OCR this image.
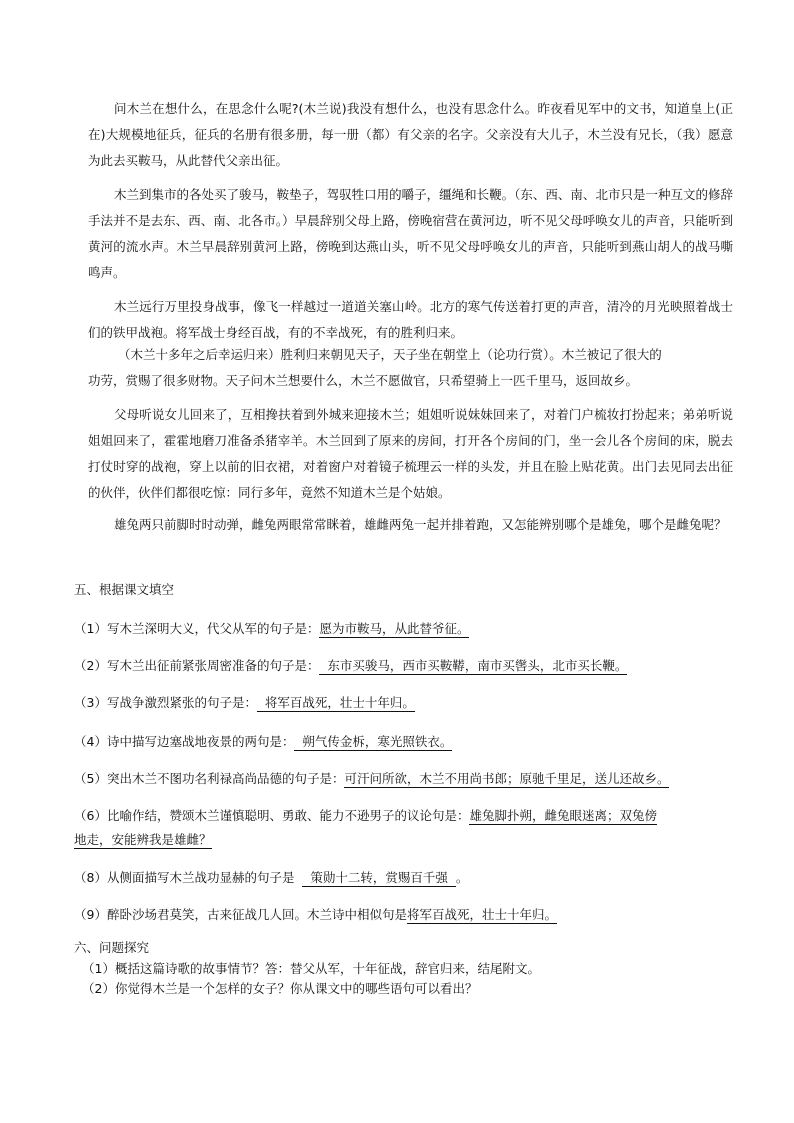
问木兰在想什么，在思念什么呢?(木兰说)我没有想什么，也没有思念什么。昨夜看见军中的文书，知道皇上(正在)大规模地征兵，征兵的名册有很多册，每一册（都）有父亲的名字。父亲没有大儿子，木兰没有兄长，（我）愿意为此去买鞍马，从此替代父亲出征。
木兰到集市的各处买了骏马，鞍垫子，驾驭牲口用的嚼子，缰绳和长鞭。（东、西、南、北市只是一种互文的修辞手法并不是去东、西、南、北各市。）早晨辞别父母上路，傍晚宿营在黄河边，听不见父母呼唤女儿的声音，只能听到黄河的流水声。木兰早晨辞别黄河上路，傍晚到达燕山头，听不见父母呼唤女儿的声音，只能听到燕山胡人的战马嘶鸣声。
木兰远行万里投身战事，像飞一样越过一道道关塞山岭。北方的寒气传送着打更的声音，清冷的月光映照着战士们的铁甲战袍。将军战士身经百战，有的不幸战死，有的胜利归来。
（木兰十多年之后幸运归来）胜利归来朝见天子，天子坐在朝堂上（论功行赏）。木兰被记了很大的
功劳，赏赐了很多财物。天子问木兰想要什么，木兰不愿做官，只希望骑上一匹千里马，返回故乡。
父母听说女儿回来了，互相搀扶着到外城来迎接木兰；姐姐听说妹妹回来了，对着门户梳妆打扮起来；弟弟听说姐姐回来了，霍霍地磨刀准备杀猪宰羊。木兰回到了原来的房间，打开各个房间的门，坐一会儿各个房间的床，脱去打仗时穿的战袍，穿上以前的旧衣裙，对着窗户对着镜子梳理云一样的头发，并且在脸上贴花黄。出门去见同去出征的伙伴，伙伴们都很吃惊：同行多年，竟然不知道木兰是个姑娘。
雄兔两只前脚时时动弹，雌兔两眼常常眯着，雄雌两兔一起并排着跑，又怎能辨别哪个是雄兔，哪个是雌兔呢？
五、根据课文填空
（1）写木兰深明大义，代父从军的句子是：愿为市鞍马，从此替爷征。
（2）写木兰出征前紧张周密准备的句子是：  东市买骏马，西市买鞍鞯，南市买辔头，北市买长鞭。
（3）写战争激烈紧张的句子是：  将军百战死，壮士十年归。
（4）诗中描写边塞战地夜景的两句是：  朔气传金柝，寒光照铁衣。
（5）突出木兰不图功名利禄高尚品德的句子是：可汗问所欲，木兰不用尚书郎；原驰千里足，送儿还故乡。
（6）比喻作结，赞颂木兰谨慎聪明、勇敢、能力不逊男子的议论句是：雄兔脚扑朔，雌兔眼迷离；双兔傍
地走，安能辨我是雄雌？
（8）从侧面描写木兰战功显赫的句子是    策勋十二转，赏赐百千强  。
（9）醉卧沙场君莫笑，古来征战几人回。木兰诗中相似句是将军百战死，壮士十年归。
六、问题探究
（1）概括这篇诗歌的故事情节？答：替父从军，十年征战，辞官归来，结尾附文。
（2）你觉得木兰是一个怎样的女子？你从课文中的哪些语句可以看出？
